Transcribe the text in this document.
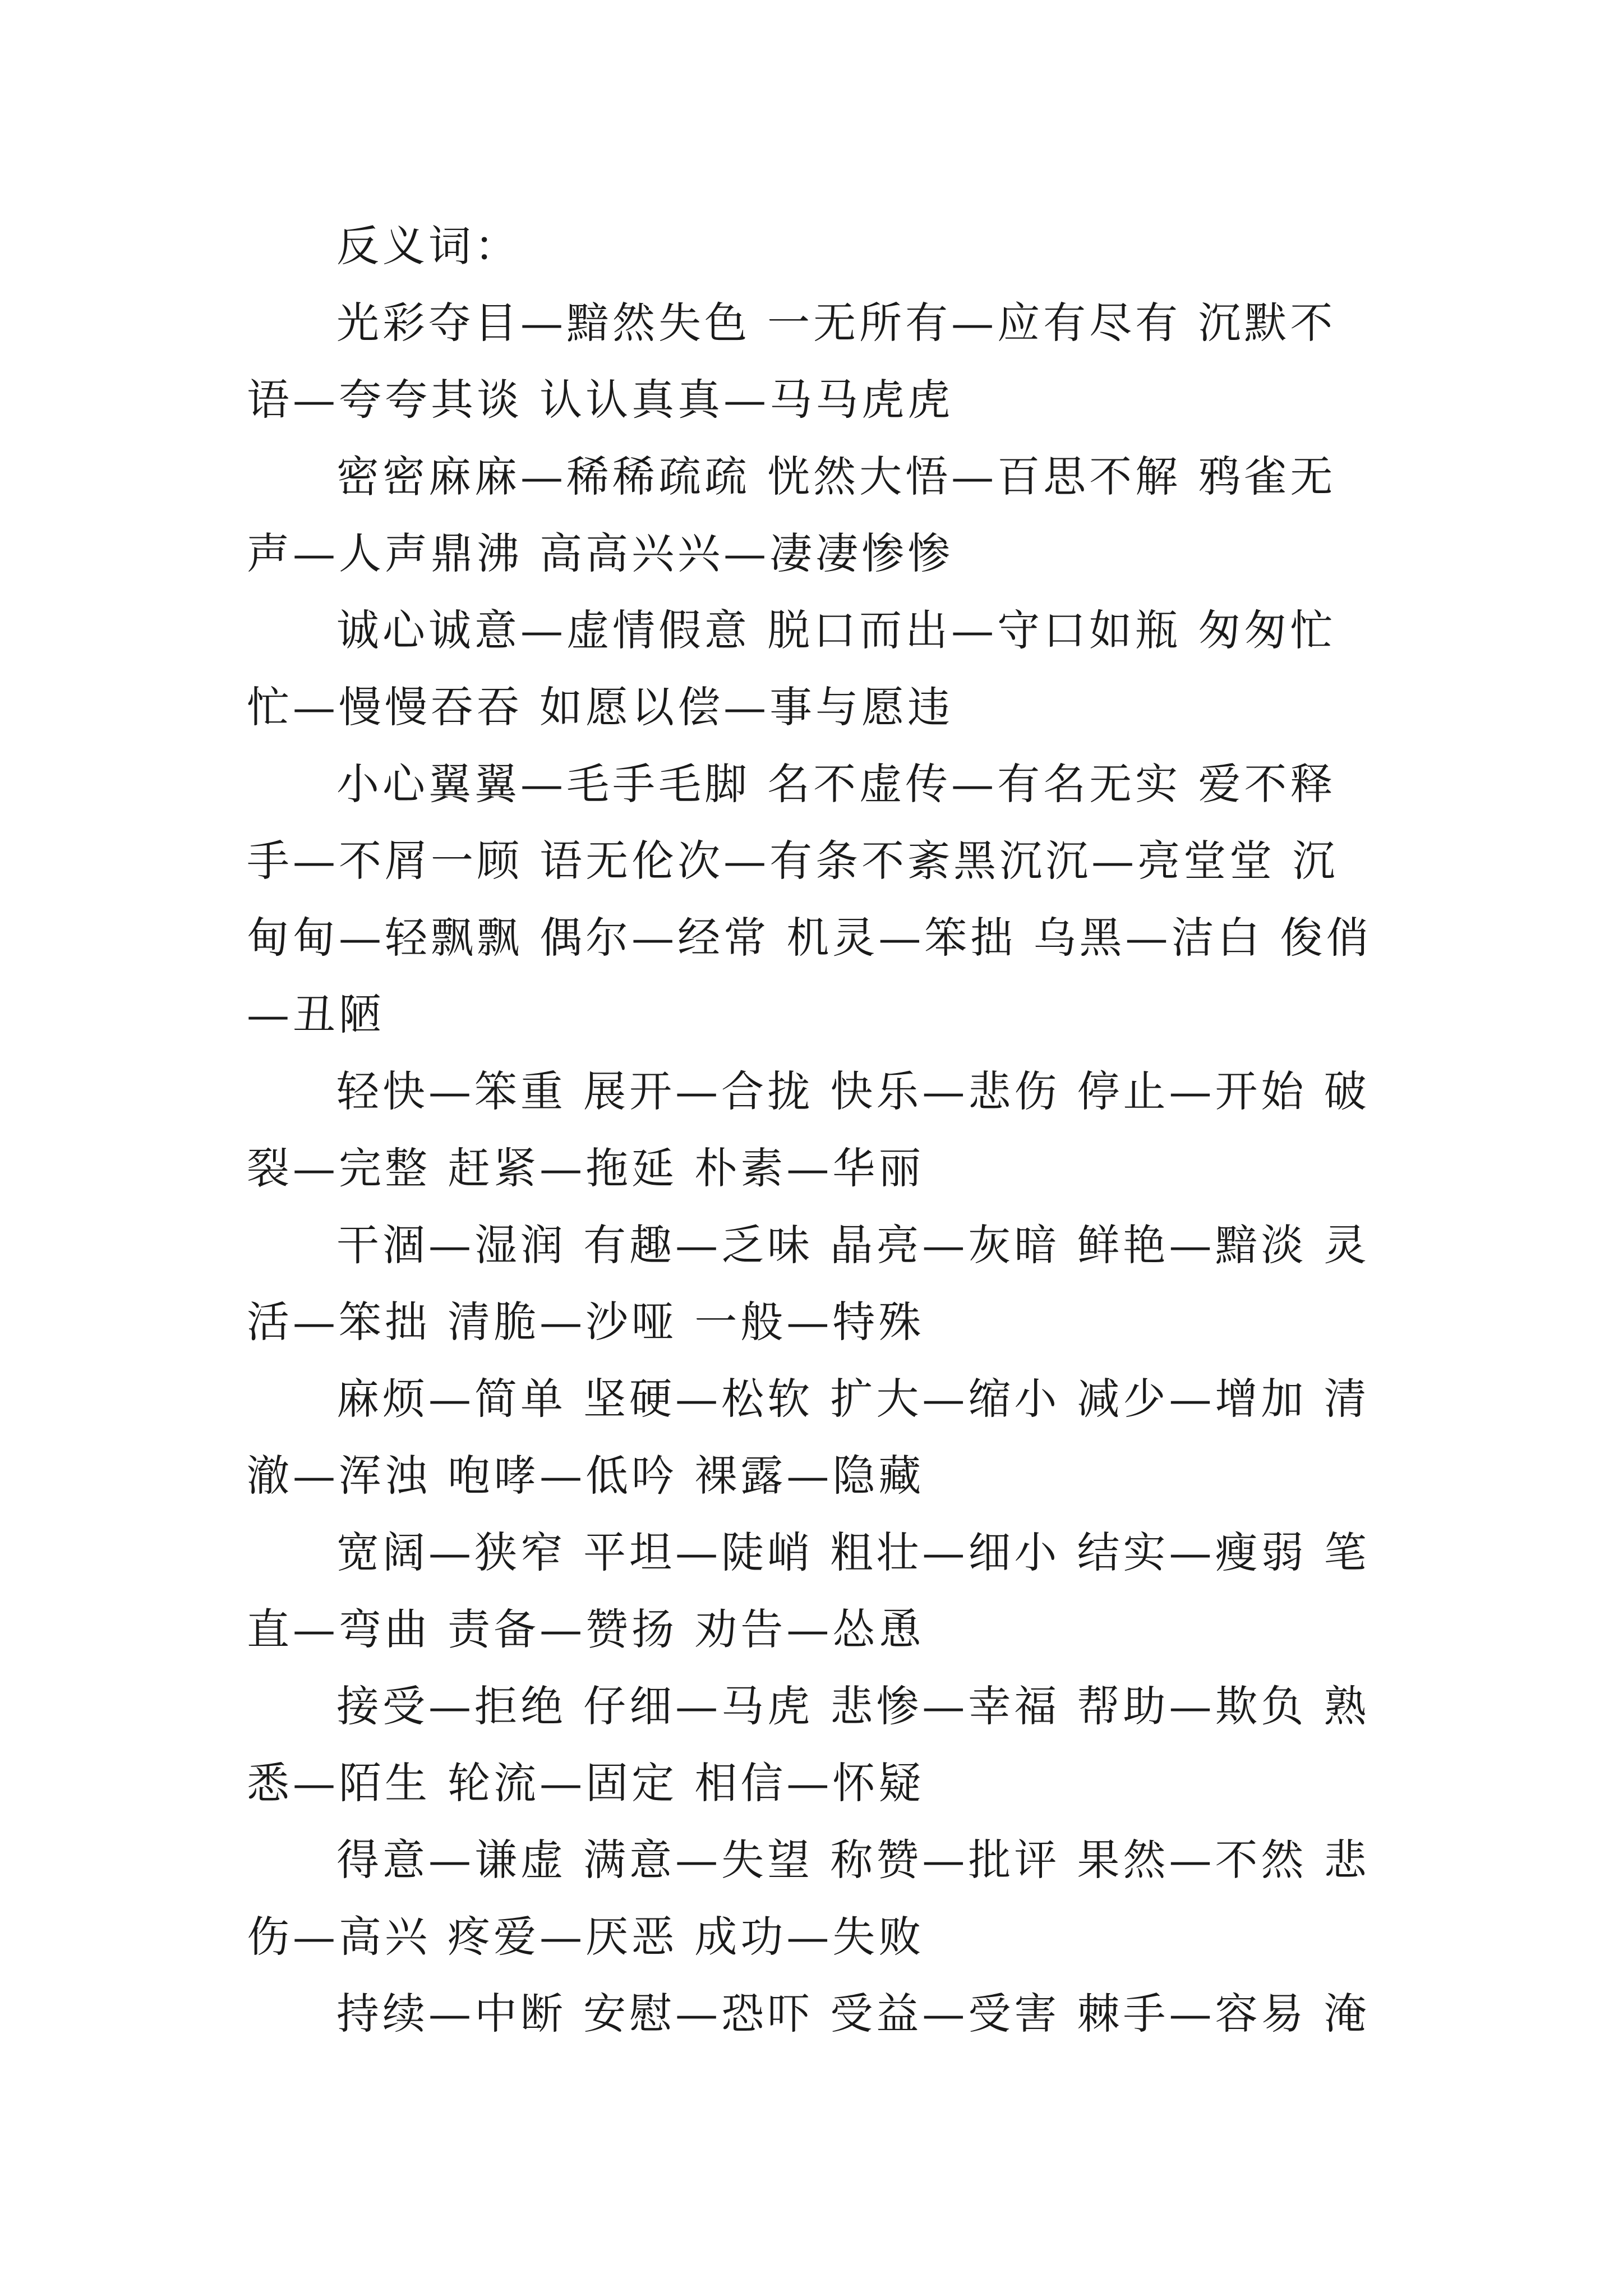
反义词：

光彩夺目—黯然失色 一无所有—应有尽有 沉默不语—夸夸其谈 认认真真—马马虎虎

密密麻麻—稀稀疏疏 恍然大悟—百思不解 鸦雀无声—人声鼎沸 高高兴兴—凄凄惨惨

诚心诚意—虚情假意 脱口而出—守口如瓶 匆匆忙忙—慢慢吞吞 如愿以偿—事与愿违

小心翼翼—毛手毛脚 名不虚传—有名无实 爱不释手—不屑一顾 语无伦次—有条不紊黑沉沉—亮堂堂 沉甸甸—轻飘飘 偶尔—经常 机灵—笨拙 乌黑—洁白 俊俏—丑陋

轻快—笨重 展开—合拢 快乐—悲伤 停止—开始 破裂—完整 赶紧—拖延 朴素—华丽

干涸—湿润 有趣—乏味 晶亮—灰暗 鲜艳—黯淡 灵活—笨拙 清脆—沙哑 一般—特殊

麻烦—简单 坚硬—松软 扩大—缩小 减少—增加 清澈—浑浊 咆哮—低吟 裸露—隐藏

宽阔—狭窄 平坦—陡峭 粗壮—细小 结实—瘦弱 笔直—弯曲 责备—赞扬 劝告—怂恿

接受—拒绝 仔细—马虎 悲惨—幸福 帮助—欺负 熟悉—陌生 轮流—固定 相信—怀疑

得意—谦虚 满意—失望 称赞—批评 果然—不然 悲伤—高兴 疼爱—厌恶 成功—失败

持续—中断 安慰—恐吓 受益—受害 棘手—容易 淹
